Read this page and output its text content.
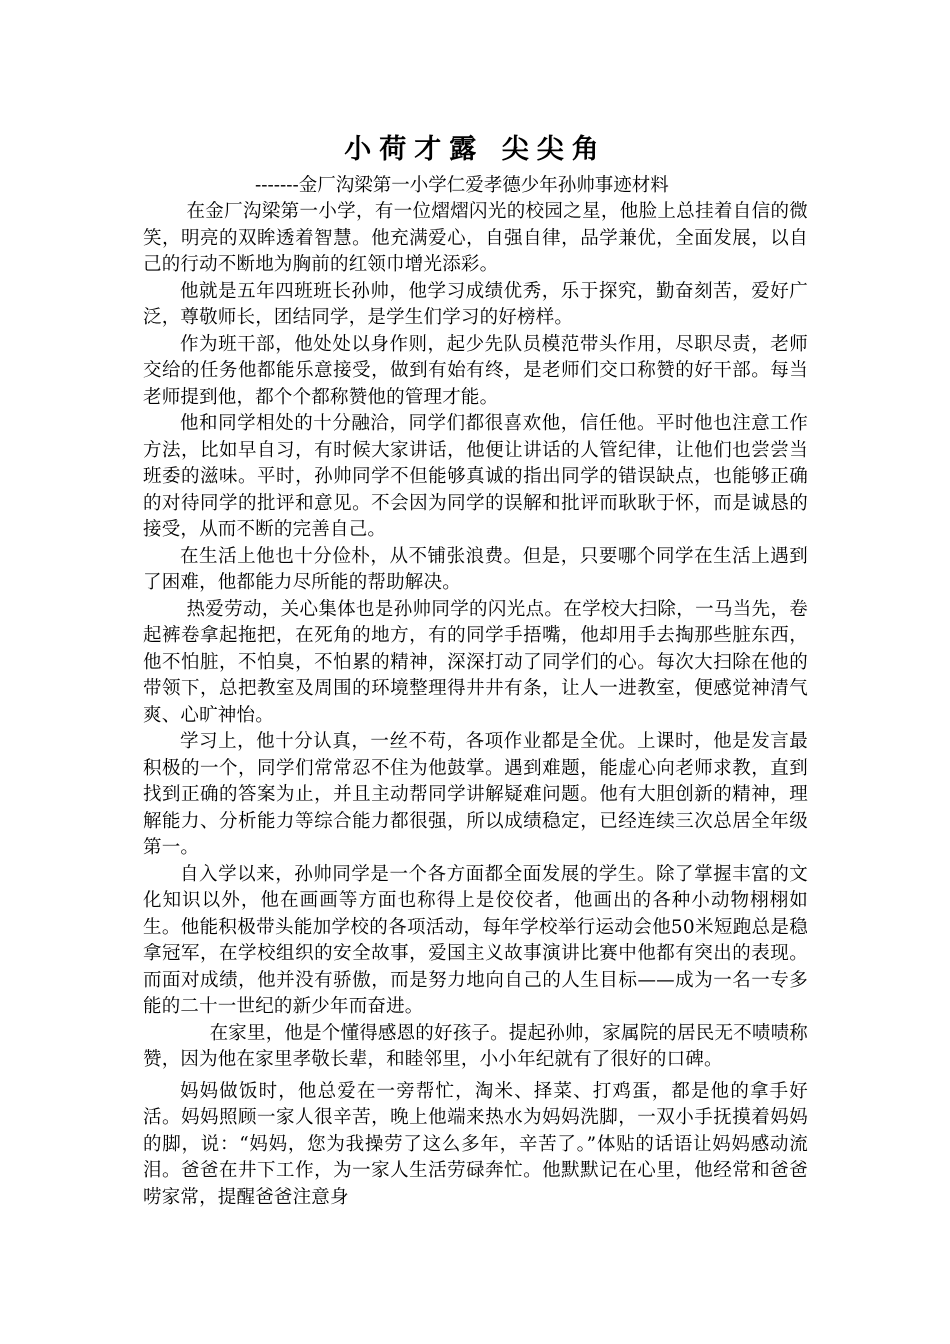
小荷才露 尖尖角

-------金厂沟梁第一小学仁爱孝德少年孙帅事迹材料

在金厂沟梁第一小学，有一位熠熠闪光的校园之星，他脸上总挂着自信的微笑，明亮的双眸透着智慧。他充满爱心，自强自律，品学兼优，全面发展，以自己的行动不断地为胸前的红领巾增光添彩。

他就是五年四班班长孙帅，他学习成绩优秀，乐于探究，勤奋刻苦，爱好广泛，尊敬师长，团结同学，是学生们学习的好榜样。

作为班干部，他处处以身作则，起少先队员模范带头作用，尽职尽责，老师交给的任务他都能乐意接受，做到有始有终，是老师们交口称赞的好干部。每当老师提到他，都个个都称赞他的管理才能。

他和同学相处的十分融洽，同学们都很喜欢他，信任他。平时他也注意工作方法，比如早自习，有时候大家讲话，他便让讲话的人管纪律，让他们也尝尝当班委的滋味。平时，孙帅同学不但能够真诚的指出同学的错误缺点，也能够正确的对待同学的批评和意见。不会因为同学的误解和批评而耿耿于怀，而是诚恳的接受，从而不断的完善自己。

在生活上他也十分俭朴，从不铺张浪费。但是，只要哪个同学在生活上遇到了困难，他都能力尽所能的帮助解决。

热爱劳动，关心集体也是孙帅同学的闪光点。在学校大扫除，一马当先，卷起裤卷拿起拖把，在死角的地方，有的同学手捂嘴，他却用手去掏那些脏东西，他不怕脏，不怕臭，不怕累的精神，深深打动了同学们的心。每次大扫除在他的带领下，总把教室及周围的环境整理得井井有条，让人一进教室，便感觉神清气爽、心旷神怡。

学习上，他十分认真，一丝不苟，各项作业都是全优。上课时，他是发言最积极的一个，同学们常常忍不住为他鼓掌。遇到难题，能虚心向老师求教，直到找到正确的答案为止，并且主动帮同学讲解疑难问题。他有大胆创新的精神，理解能力、分析能力等综合能力都很强，所以成绩稳定，已经连续三次总居全年级第一。

自入学以来，孙帅同学是一个各方面都全面发展的学生。除了掌握丰富的文化知识以外，他在画画等方面也称得上是佼佼者，他画出的各种小动物栩栩如生。他能积极带头能加学校的各项活动，每年学校举行运动会他50米短跑总是稳拿冠军，在学校组织的安全故事，爱国主义故事演讲比赛中他都有突出的表现。而面对成绩，他并没有骄傲，而是努力地向自己的人生目标——成为一名一专多能的二十一世纪的新少年而奋进。

在家里，他是个懂得感恩的好孩子。提起孙帅，家属院的居民无不啧啧称赞，因为他在家里孝敬长辈，和睦邻里，小小年纪就有了很好的口碑。

妈妈做饭时，他总爱在一旁帮忙，淘米、择菜、打鸡蛋，都是他的拿手好活。妈妈照顾一家人很辛苦，晚上他端来热水为妈妈洗脚，一双小手抚摸着妈妈的脚，说：“妈妈，您为我操劳了这么多年，辛苦了。”体贴的话语让妈妈感动流泪。爸爸在井下工作，为一家人生活劳碌奔忙。他默默记在心里，他经常和爸爸唠家常，提醒爸爸注意身
